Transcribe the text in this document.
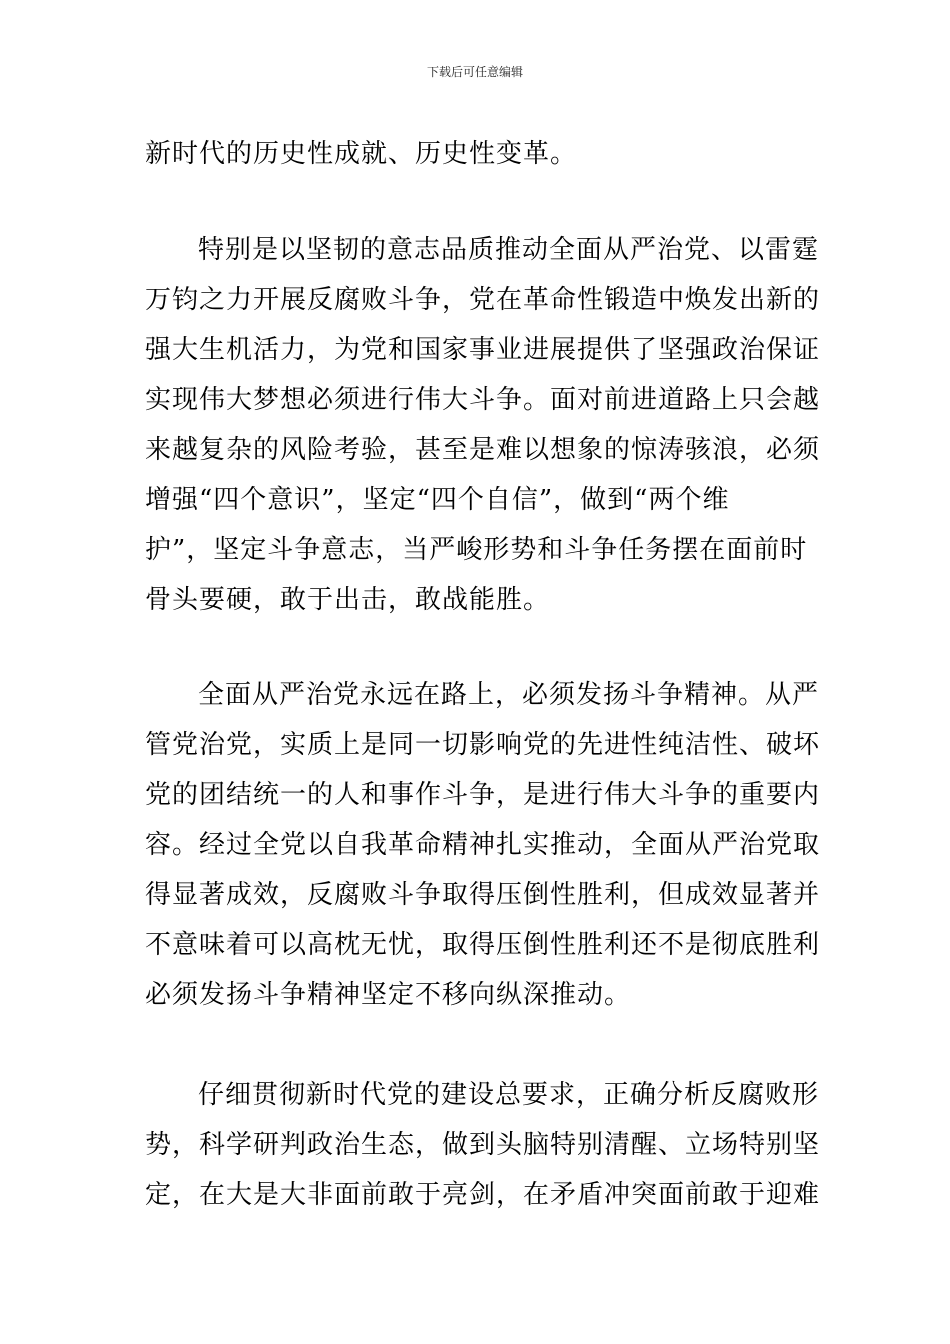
下载后可任意编辑
新时代的历史性成就、历史性变革。
特别是以坚韧的意志品质推动全面从严治党、以雷霆
万钧之力开展反腐败斗争，党在革命性锻造中焕发出新的
强大生机活力，为党和国家事业进展提供了坚强政治保证
实现伟大梦想必须进行伟大斗争。面对前进道路上只会越
来越复杂的风险考验，甚至是难以想象的惊涛骇浪，必须
增强“四个意识”，坚定“四个自信”，做到“两个维
护”，坚定斗争意志，当严峻形势和斗争任务摆在面前时
骨头要硬，敢于出击，敢战能胜。
全面从严治党永远在路上，必须发扬斗争精神。从严
管党治党，实质上是同一切影响党的先进性纯洁性、破坏
党的团结统一的人和事作斗争，是进行伟大斗争的重要内
容。经过全党以自我革命精神扎实推动，全面从严治党取
得显著成效，反腐败斗争取得压倒性胜利，但成效显著并
不意味着可以高枕无忧，取得压倒性胜利还不是彻底胜利
必须发扬斗争精神坚定不移向纵深推动。
仔细贯彻新时代党的建设总要求，正确分析反腐败形
势，科学研判政治生态，做到头脑特别清醒、立场特别坚
定，在大是大非面前敢于亮剑，在矛盾冲突面前敢于迎难
